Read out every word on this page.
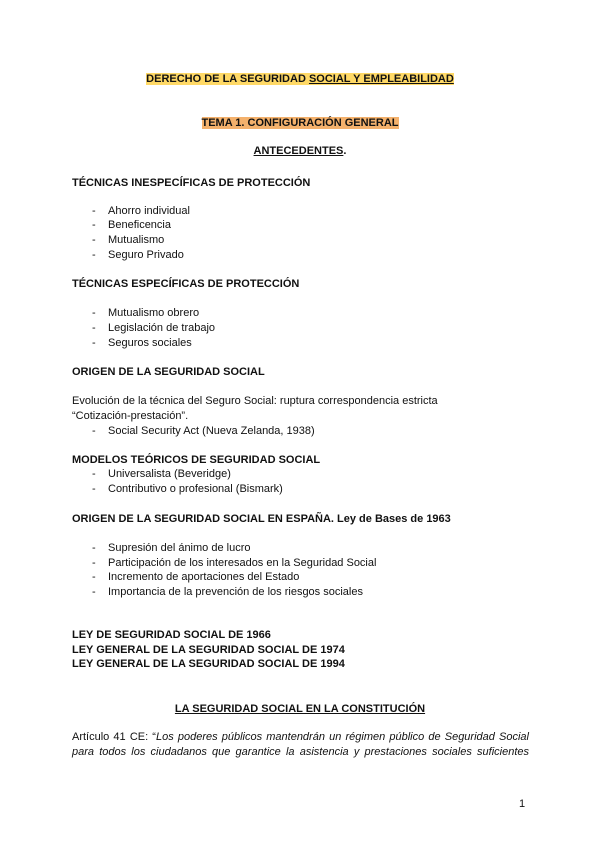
DERECHO DE LA SEGURIDAD SOCIAL Y EMPLEABILIDAD
TEMA 1. CONFIGURACIÓN GENERAL
ANTECEDENTES.
TÉCNICAS INESPECÍFICAS DE PROTECCIÓN
- Ahorro individual
- Beneficencia
- Mutualismo
- Seguro Privado
TÉCNICAS ESPECÍFICAS DE PROTECCIÓN
- Mutualismo obrero
- Legislación de trabajo
- Seguros sociales
ORIGEN DE LA SEGURIDAD SOCIAL
Evolución de la técnica del Seguro Social: ruptura correspondencia estricta
“Cotización-prestación”.
- Social Security Act (Nueva Zelanda, 1938)
MODELOS TEÓRICOS DE SEGURIDAD SOCIAL
- Universalista (Beveridge)
- Contributivo o profesional (Bismark)
ORIGEN DE LA SEGURIDAD SOCIAL EN ESPAÑA. Ley de Bases de 1963
- Supresión del ánimo de lucro
- Participación de los interesados en la Seguridad Social
- Incremento de aportaciones del Estado
- Importancia de la prevención de los riesgos sociales
LEY DE SEGURIDAD SOCIAL DE 1966
LEY GENERAL DE LA SEGURIDAD SOCIAL DE 1974
LEY GENERAL DE LA SEGURIDAD SOCIAL DE 1994
LA SEGURIDAD SOCIAL EN LA CONSTITUCIÓN
Artículo 41 CE: “Los poderes públicos mantendrán un régimen público de Seguridad Social
para todos los ciudadanos que garantice la asistencia y prestaciones sociales suficientes
1
